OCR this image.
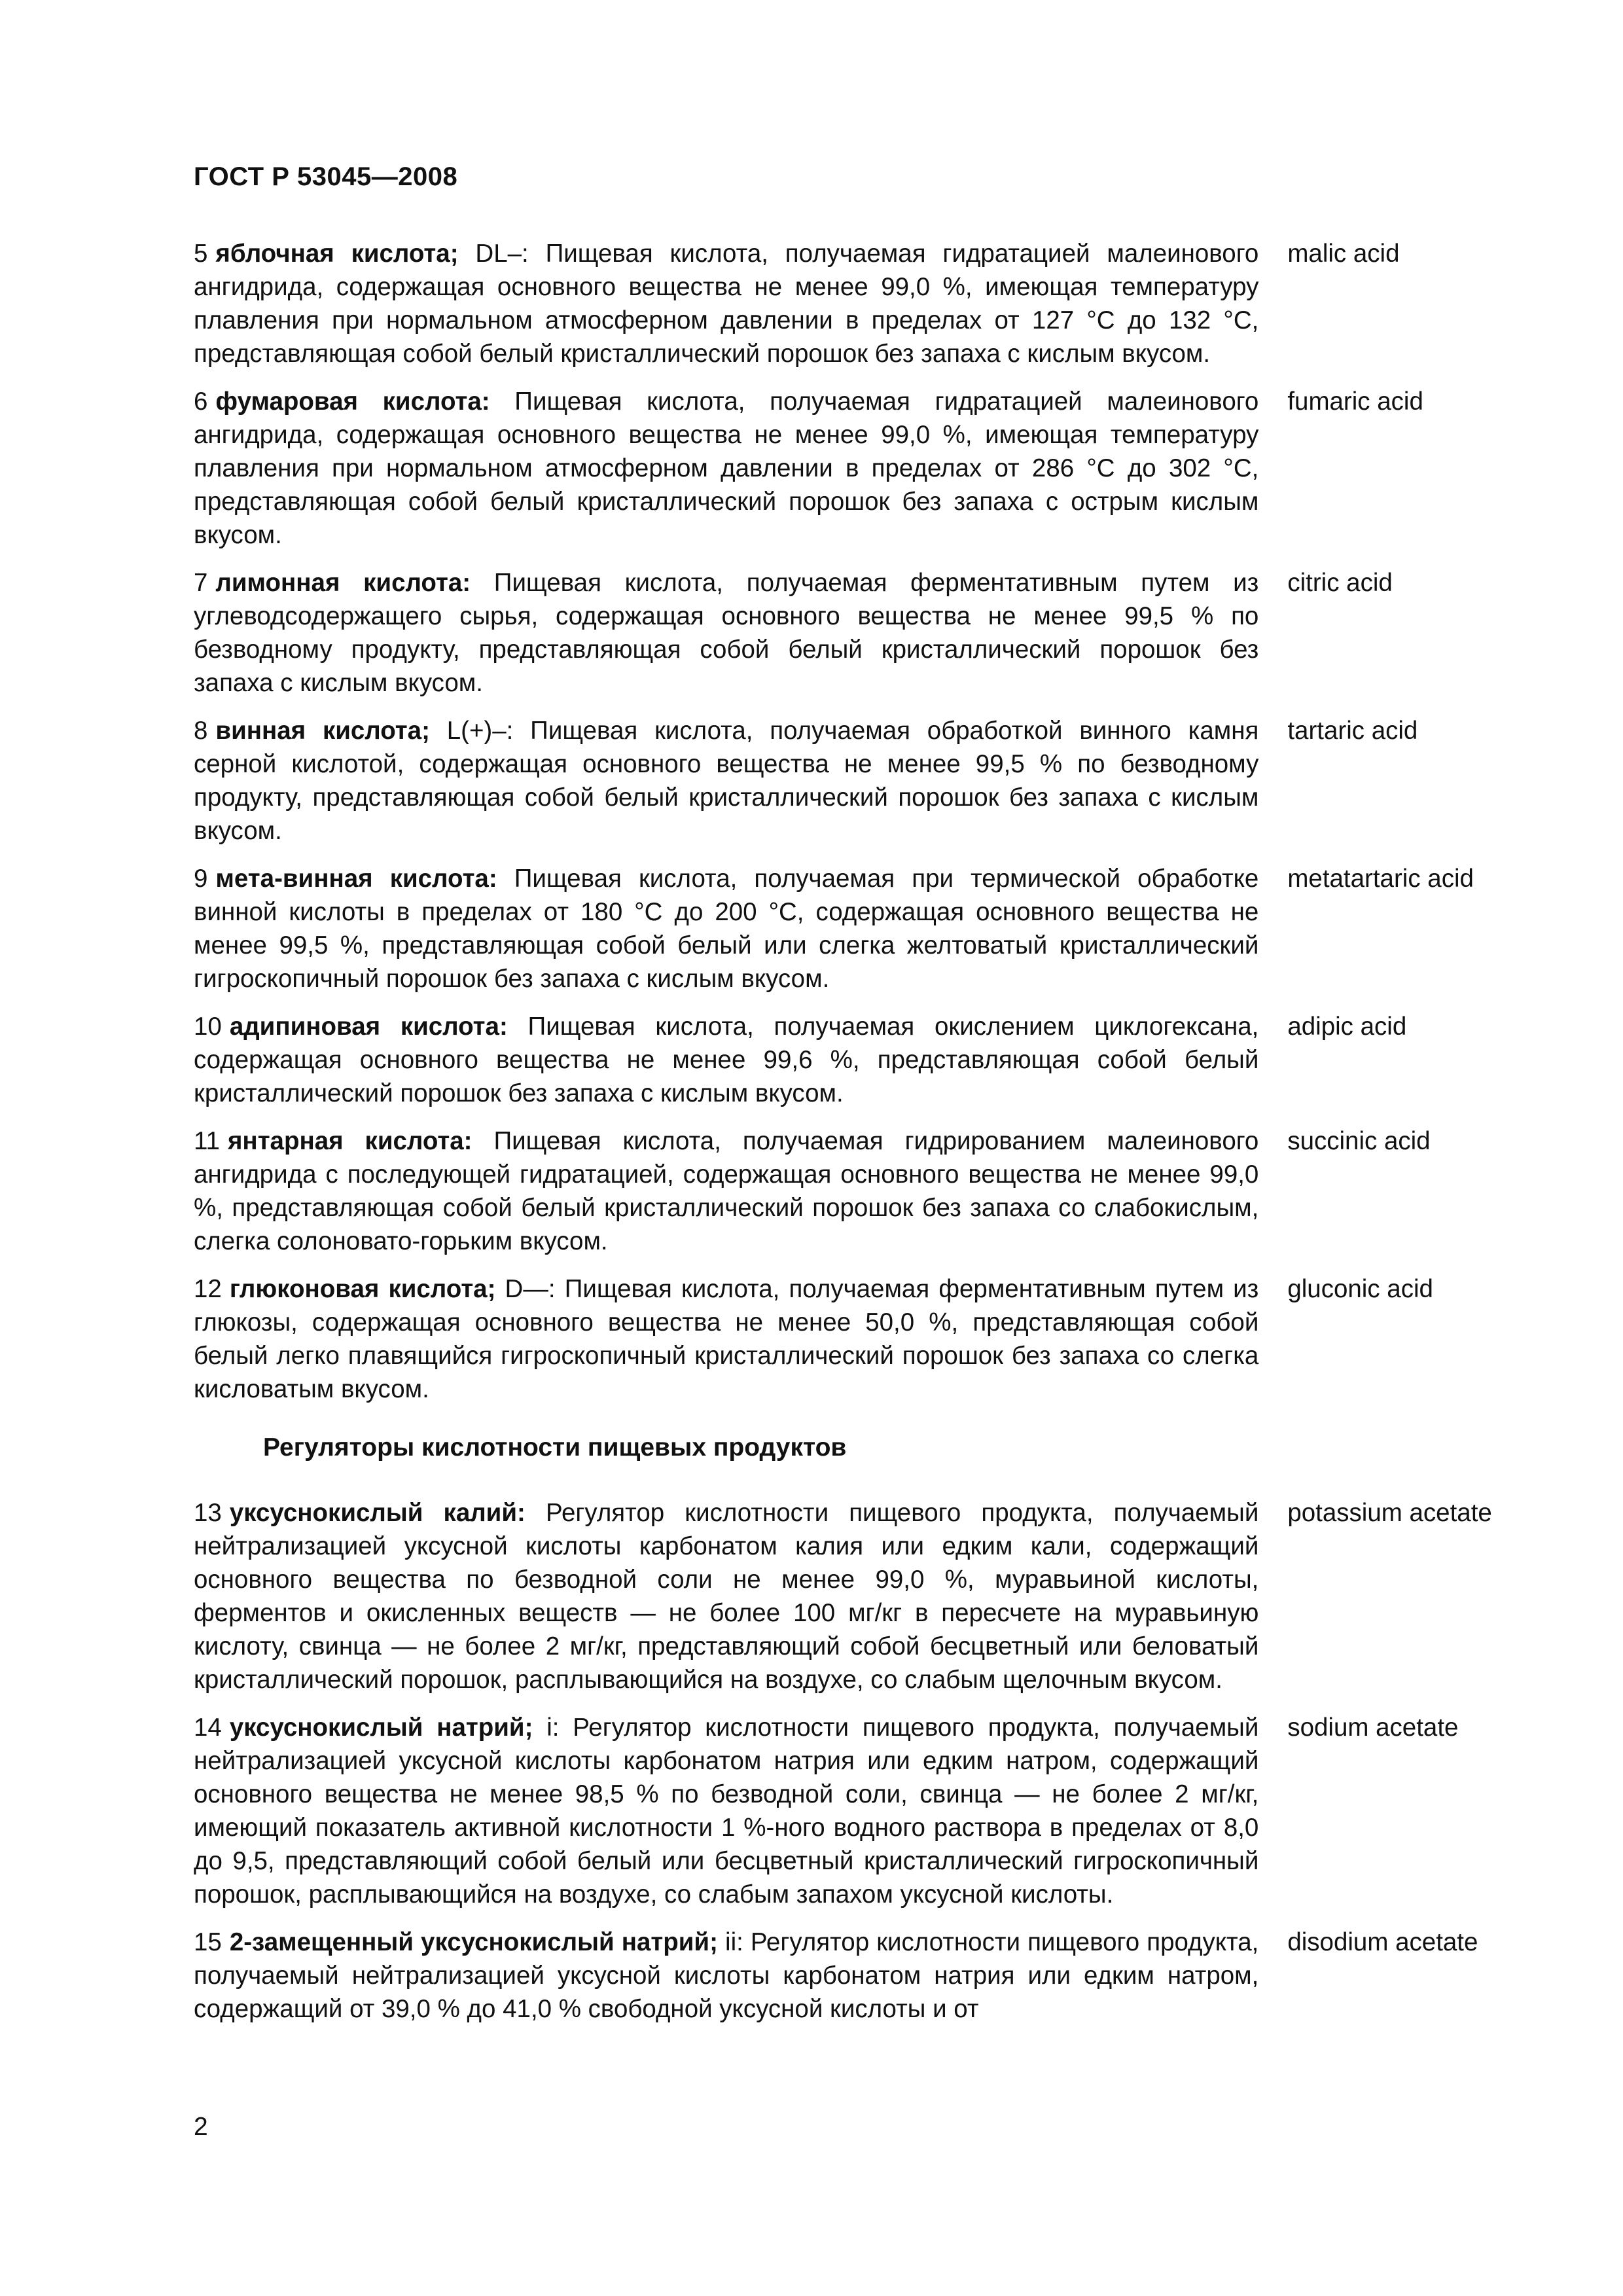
ГОСТ Р 53045—2008
5 яблочная кислота; DL–: Пищевая кислота, получаемая гидратацией малеинового ангидрида, содержащая основного вещества не менее 99,0 %, имеющая температуру плавления при нормальном атмосферном давлении в пределах от 127 °С до 132 °С, представляющая собой белый кристаллический порошок без запаха с кислым вкусом.
malic acid
6 фумаровая кислота: Пищевая кислота, получаемая гидратацией малеинового ангидрида, содержащая основного вещества не менее 99,0 %, имеющая температуру плавления при нормальном атмосферном давлении в пределах от 286 °С до 302 °С, представляющая собой белый кристаллический порошок без запаха с острым кислым вкусом.
fumaric acid
7 лимонная кислота: Пищевая кислота, получаемая ферментативным путем из углеводсодержащего сырья, содержащая основного вещества не менее 99,5 % по безводному продукту, представляющая собой белый кристаллический порошок без запаха с кислым вкусом.
citric acid
8 винная кислота; L(+)–: Пищевая кислота, получаемая обработкой винного камня серной кислотой, содержащая основного вещества не менее 99,5 % по безводному продукту, представляющая собой белый кристаллический порошок без запаха с кислым вкусом.
tartaric acid
9 мета-винная кислота: Пищевая кислота, получаемая при термической обработке винной кислоты в пределах от 180 °С до 200 °С, содержащая основного вещества не менее 99,5 %, представляющая собой белый или слегка желтоватый кристаллический гигроскопичный порошок без запаха с кислым вкусом.
metatartaric acid
10 адипиновая кислота: Пищевая кислота, получаемая окислением циклогексана, содержащая основного вещества не менее 99,6 %, представляющая собой белый кристаллический порошок без запаха с кислым вкусом.
adipic acid
11 янтарная кислота: Пищевая кислота, получаемая гидрированием малеинового ангидрида с последующей гидратацией, содержащая основного вещества не менее 99,0 %, представляющая собой белый кристаллический порошок без запаха со слабокислым, слегка солоновато-горьким вкусом.
succinic acid
12 глюконовая кислота; D—: Пищевая кислота, получаемая ферментативным путем из глюкозы, содержащая основного вещества не менее 50,0 %, представляющая собой белый легко плавящийся гигроскопичный кристаллический порошок без запаха со слегка кисловатым вкусом.
gluconic acid
Регуляторы кислотности пищевых продуктов
13 уксуснокислый калий: Регулятор кислотности пищевого продукта, получаемый нейтрализацией уксусной кислоты карбонатом калия или едким кали, содержащий основного вещества по безводной соли не менее 99,0 %, муравьиной кислоты, ферментов и окисленных веществ — не более 100 мг/кг в пересчете на муравьиную кислоту, свинца — не более 2 мг/кг, представляющий собой бесцветный или беловатый кристаллический порошок, расплывающийся на воздухе, со слабым щелочным вкусом.
potassium acetate
14 уксуснокислый натрий; i: Регулятор кислотности пищевого продукта, получаемый нейтрализацией уксусной кислоты карбонатом натрия или едким натром, содержащий основного вещества не менее 98,5 % по безводной соли, свинца — не более 2 мг/кг, имеющий показатель активной кислотности 1 %-ного водного раствора в пределах от 8,0 до 9,5, представляющий собой белый или бесцветный кристаллический гигроскопичный порошок, расплывающийся на воздухе, со слабым запахом уксусной кислоты.
sodium acetate
15 2-замещенный уксуснокислый натрий; ii: Регулятор кислотности пищевого продукта, получаемый нейтрализацией уксусной кислоты карбонатом натрия или едким натром, содержащий от 39,0 % до 41,0 % свободной уксусной кислоты и от
disodium acetate
2
